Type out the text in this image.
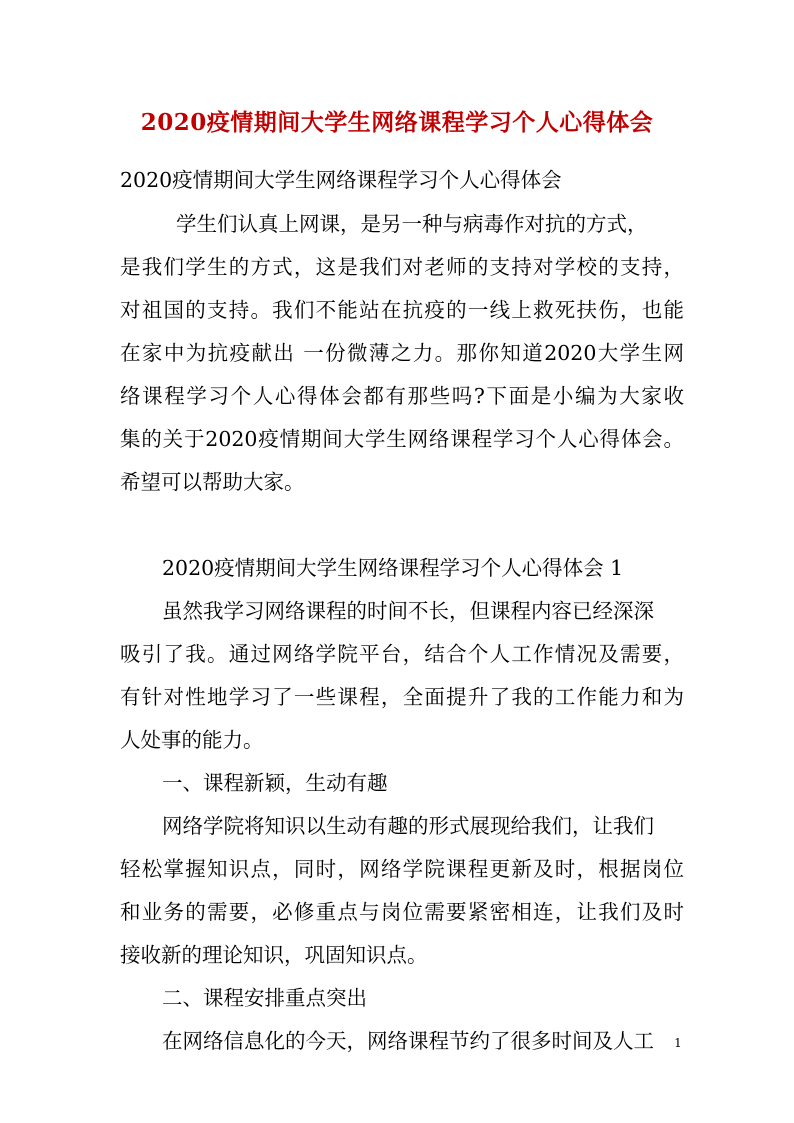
2020疫情期间大学生网络课程学习个人心得体会
2020疫情期间大学生网络课程学习个人心得体会
学生们认真上网课，是另一种与病毒作对抗的方式，
是我们学生的方式，这是我们对老师的支持对学校的支持，
对祖国的支持。我们不能站在抗疫的一线上救死扶伤，也能
在家中为抗疫献出 一份微薄之力。那你知道2020大学生网
络课程学习个人心得体会都有那些吗?下面是小编为大家收
集的关于2020疫情期间大学生网络课程学习个人心得体会。
希望可以帮助大家。
2020疫情期间大学生网络课程学习个人心得体会 1
虽然我学习网络课程的时间不长，但课程内容已经深深
吸引了我。通过网络学院平台，结合个人工作情况及需要，
有针对性地学习了一些课程，全面提升了我的工作能力和为
人处事的能力。
一、课程新颖，生动有趣
网络学院将知识以生动有趣的形式展现给我们，让我们
轻松掌握知识点，同时，网络学院课程更新及时，根据岗位
和业务的需要，必修重点与岗位需要紧密相连，让我们及时
接收新的理论知识，巩固知识点。
二、课程安排重点突出
在网络信息化的今天，网络课程节约了很多时间及人工	1
